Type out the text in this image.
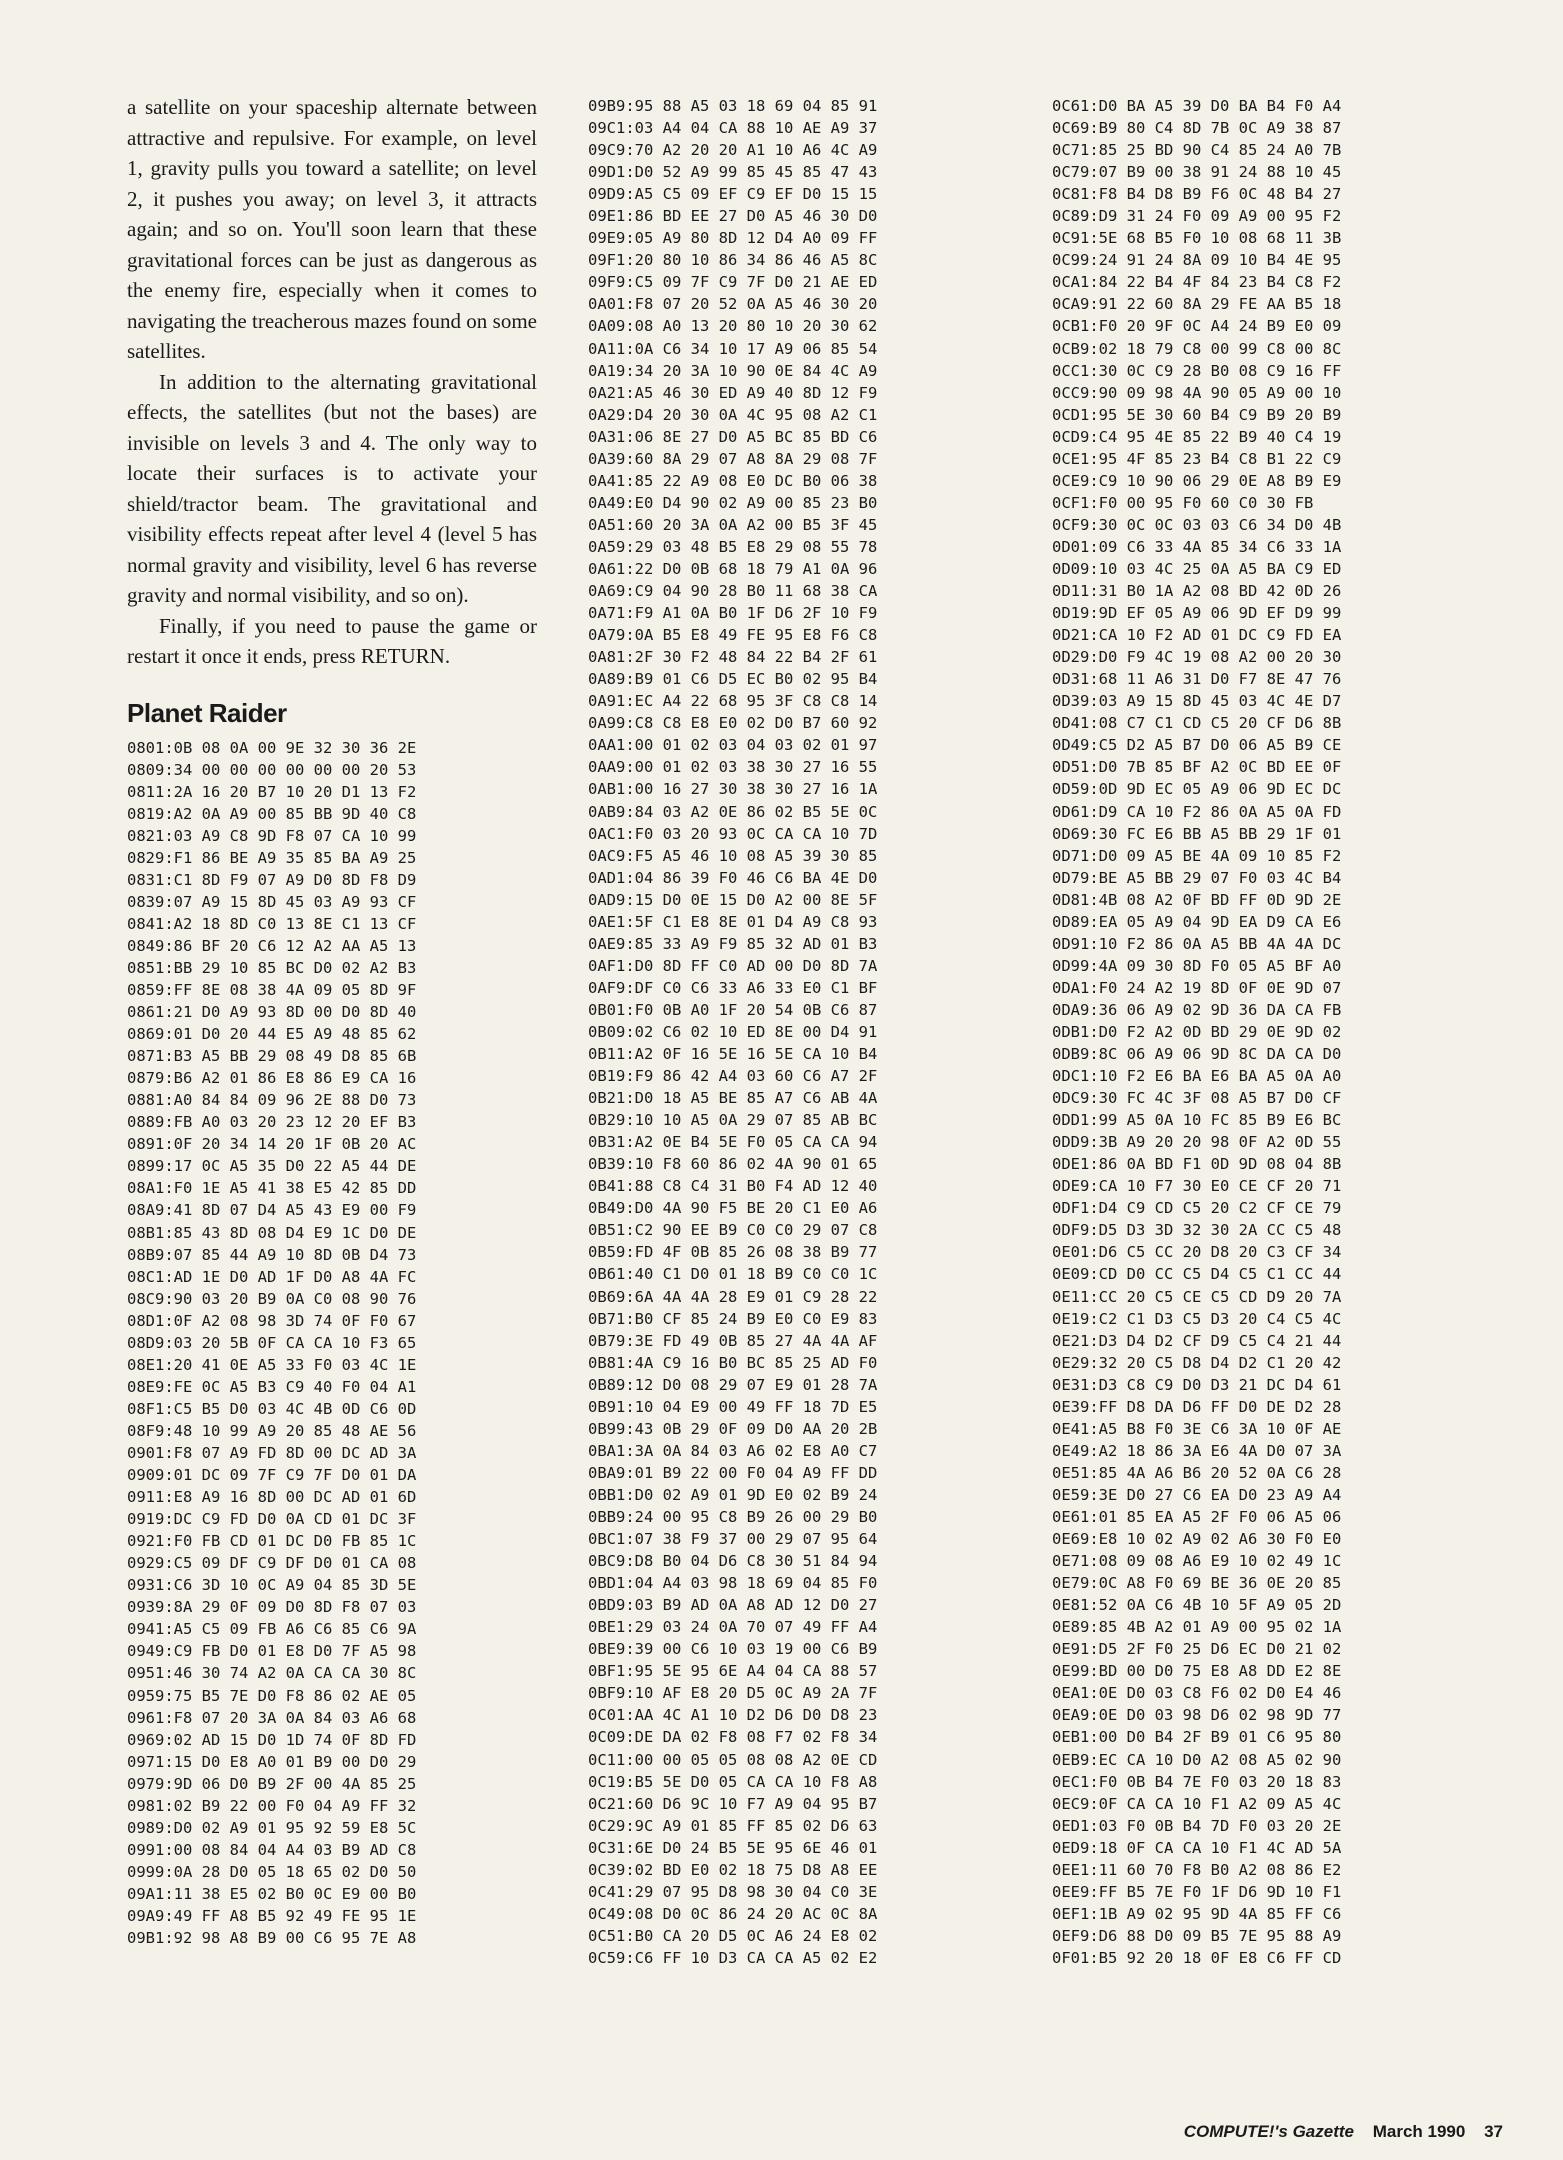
a satellite on your spaceship alternate between attractive and repulsive. For example, on level 1, gravity pulls you toward a satellite; on level 2, it pushes you away; on level 3, it attracts again; and so on. You'll soon learn that these gravitational forces can be just as dangerous as the enemy fire, especially when it comes to navigating the treacherous mazes found on some satellites.

In addition to the alternating gravitational effects, the satellites (but not the bases) are invisible on levels 3 and 4. The only way to locate their surfaces is to activate your shield/tractor beam. The gravitational and visibility effects repeat after level 4 (level 5 has normal gravity and visibility, level 6 has reverse gravity and normal visibility, and so on).

Finally, if you need to pause the game or restart it once it ends, press RETURN.

Planet Raider
0801:0B 08 0A 00 9E 32 30 36 2E
0809:34 00 00 00 00 00 00 20 53
0811:2A 16 20 B7 10 20 D1 13 F2
0819:A2 0A A9 00 85 BB 9D 40 C8
0821:03 A9 C8 9D F8 07 CA 10 99
0829:F1 86 BE A9 35 85 BA A9 25
0831:C1 8D F9 07 A9 D0 8D F8 D9
0839:07 A9 15 8D 45 03 A9 93 CF
0841:A2 18 8D C0 13 8E C1 13 CF
0849:86 BF 20 C6 12 A2 AA A5 13
0851:BB 29 10 85 BC D0 02 A2 B3
0859:FF 8E 08 38 4A 09 05 8D 9F
0861:21 D0 A9 93 8D 00 D0 8D 40
0869:01 D0 20 44 E5 A9 48 85 62
0871:B3 A5 BB 29 08 49 D8 85 6B
0879:B6 A2 01 86 E8 86 E9 CA 16
0881:A0 84 84 09 96 2E 88 D0 73
0889:FB A0 03 20 23 12 20 EF B3
0891:0F 20 34 14 20 1F 0B 20 AC
0899:17 0C A5 35 D0 22 A5 44 DE
08A1:F0 1E A5 41 38 E5 42 85 DD
08A9:41 8D 07 D4 A5 43 E9 00 F9
08B1:85 43 8D 08 D4 E9 1C D0 DE
08B9:07 85 44 A9 10 8D 0B D4 73
08C1:AD 1E D0 AD 1F D0 A8 4A FC
08C9:90 03 20 B9 0A C0 08 90 76
08D1:0F A2 08 98 3D 74 0F F0 67
08D9:03 20 5B 0F CA CA 10 F3 65
08E1:20 41 0E A5 33 F0 03 4C 1E
08E9:FE 0C A5 B3 C9 40 F0 04 A1
08F1:C5 B5 D0 03 4C 4B 0D C6 0D
08F9:48 10 99 A9 20 85 48 AE 56
0901:F8 07 A9 FD 8D 00 DC AD 3A
0909:01 DC 09 7F C9 7F D0 01 DA
0911:E8 A9 16 8D 00 DC AD 01 6D
0919:DC C9 FD D0 0A CD 01 DC 3F
0921:F0 FB CD 01 DC D0 FB 85 1C
0929:C5 09 DF C9 DF D0 01 CA 08
0931:C6 3D 10 0C A9 04 85 3D 5E
0939:8A 29 0F 09 D0 8D F8 07 03
0941:A5 C5 09 FB A6 C6 85 C6 9A
0949:C9 FB D0 01 E8 D0 7F A5 98
0951:46 30 74 A2 0A CA CA 30 8C
0959:75 B5 7E D0 F8 86 02 AE 05
0961:F8 07 20 3A 0A 84 03 A6 68
0969:02 AD 15 D0 1D 74 0F 8D FD
0971:15 D0 E8 A0 01 B9 00 D0 29
0979:9D 06 D0 B9 2F 00 4A 85 25
0981:02 B9 22 00 F0 04 A9 FF 32
0989:D0 02 A9 01 95 92 59 E8 5C
0991:00 08 84 04 A4 03 B9 AD C8
0999:0A 28 D0 05 18 65 02 D0 50
09A1:11 38 E5 02 B0 0C E9 00 B0
09A9:49 FF A8 B5 92 49 FE 95 1E
09B1:92 98 A8 B9 00 C6 95 7E A8
09B9:95 88 A5 03 18 69 04 85 91
09C1:03 A4 04 CA 88 10 AE A9 37
09C9:70 A2 20 20 A1 10 A6 4C A9
09D1:D0 52 A9 99 85 45 85 47 43
09D9:A5 C5 09 EF C9 EF D0 15 15
09E1:86 BD EE 27 D0 A5 46 30 D0
09E9:05 A9 80 8D 12 D4 A0 09 FF
09F1:20 80 10 86 34 86 46 A5 8C
09F9:C5 09 7F C9 7F D0 21 AE ED
0A01:F8 07 20 52 0A A5 46 30 20
0A09:08 A0 13 20 80 10 20 30 62
0A11:0A C6 34 10 17 A9 06 85 54
0A19:34 20 3A 10 90 0E 84 4C A9
0A21:A5 46 30 ED A9 40 8D 12 F9
0A29:D4 20 30 0A 4C 95 08 A2 C1
0A31:06 8E 27 D0 A5 BC 85 BD C6
0A39:60 8A 29 07 A8 8A 29 08 7F
0A41:85 22 A9 08 E0 DC B0 06 38
0A49:E0 D4 90 02 A9 00 85 23 B0
0A51:60 20 3A 0A A2 00 B5 3F 45
0A59:29 03 48 B5 E8 29 08 55 78
0A61:22 D0 0B 68 18 79 A1 0A 96
0A69:C9 04 90 28 B0 11 68 38 CA
0A71:F9 A1 0A B0 1F D6 2F 10 F9
0A79:0A B5 E8 49 FE 95 E8 F6 C8
0A81:2F 30 F2 48 84 22 B4 2F 61
0A89:B9 01 C6 D5 EC B0 02 95 B4
0A91:EC A4 22 68 95 3F C8 C8 14
0A99:C8 C8 E8 E0 02 D0 B7 60 92
0AA1:00 01 02 03 04 03 02 01 97
0AA9:00 01 02 03 38 30 27 16 55
0AB1:00 16 27 30 38 30 27 16 1A
0AB9:84 03 A2 0E 86 02 B5 5E 0C
0AC1:F0 03 20 93 0C CA CA 10 7D
0AC9:F5 A5 46 10 08 A5 39 30 85
0AD1:04 86 39 F0 46 C6 BA 4E D0
0AD9:15 D0 0E 15 D0 A2 00 8E 5F
0AE1:5F C1 E8 8E 01 D4 A9 C8 93
0AE9:85 33 A9 F9 85 32 AD 01 B3
0AF1:D0 8D FF C0 AD 00 D0 8D 7A
0AF9:DF C0 C6 33 A6 33 E0 C1 BF
0B01:F0 0B A0 1F 20 54 0B C6 87
0B09:02 C6 02 10 ED 8E 00 D4 91
0B11:A2 0F 16 5E 16 5E CA 10 B4
0B19:F9 86 42 A4 03 60 C6 A7 2F
0B21:D0 18 A5 BE 85 A7 C6 AB 4A
0B29:10 10 A5 0A 29 07 85 AB BC
0B31:A2 0E B4 5E F0 05 CA CA 94
0B39:10 F8 60 86 02 4A 90 01 65
0B41:88 C8 C4 31 B0 F4 AD 12 40
0B49:D0 4A 90 F5 BE 20 C1 E0 A6
0B51:C2 90 EE B9 C0 C0 29 07 C8
0B59:FD 4F 0B 85 26 08 38 B9 77
0B61:40 C1 D0 01 18 B9 C0 C0 1C
0B69:6A 4A 4A 28 E9 01 C9 28 22
0B71:B0 CF 85 24 B9 E0 C0 E9 83
0B79:3E FD 49 0B 85 27 4A 4A AF
0B81:4A C9 16 B0 BC 85 25 AD F0
0B89:12 D0 08 29 07 E9 01 28 7A
0B91:10 04 E9 00 49 FF 18 7D E5
0B99:43 0B 29 0F 09 D0 AA 20 2B
0BA1:3A 0A 84 03 A6 02 E8 A0 C7
0BA9:01 B9 22 00 F0 04 A9 FF DD
0BB1:D0 02 A9 01 9D E0 02 B9 24
0BB9:24 00 95 C8 B9 26 00 29 B0
0BC1:07 38 F9 37 00 29 07 95 64
0BC9:D8 B0 04 D6 C8 30 51 84 94
0BD1:04 A4 03 98 18 69 04 85 F0
0BD9:03 B9 AD 0A A8 AD 12 D0 27
0BE1:29 03 24 0A 70 07 49 FF A4
0BE9:39 00 C6 10 03 19 00 C6 B9
0BF1:95 5E 95 6E A4 04 CA 88 57
0BF9:10 AF E8 20 D5 0C A9 2A 7F
0C01:AA 4C A1 10 D2 D6 D0 D8 23
0C09:DE DA 02 F8 08 F7 02 F8 34
0C11:00 00 05 05 08 08 A2 0E CD
0C19:B5 5E D0 05 CA CA 10 F8 A8
0C21:60 D6 9C 10 F7 A9 04 95 B7
0C29:9C A9 01 85 FF 85 02 D6 63
0C31:6E D0 24 B5 5E 95 6E 46 01
0C39:02 BD E0 02 18 75 D8 A8 EE
0C41:29 07 95 D8 98 30 04 C0 3E
0C49:08 D0 0C 86 24 20 AC 0C 8A
0C51:B0 CA 20 D5 0C A6 24 E8 02
0C59:C6 FF 10 D3 CA CA A5 02 E2
0C61:D0 BA A5 39 D0 BA B4 F0 A4
0C69:B9 80 C4 8D 7B 0C A9 38 87
0C71:85 25 BD 90 C4 85 24 A0 7B
0C79:07 B9 00 38 91 24 88 10 45
0C81:F8 B4 D8 B9 F6 0C 48 B4 27
0C89:D9 31 24 F0 09 A9 00 95 F2
0C91:5E 68 B5 F0 10 08 68 11 3B
0C99:24 91 24 8A 09 10 B4 4E 95
0CA1:84 22 B4 4F 84 23 B4 C8 F2
0CA9:91 22 60 8A 29 FE AA B5 18
0CB1:F0 20 9F 0C A4 24 B9 E0 09
0CB9:02 18 79 C8 00 99 C8 00 8C
0CC1:30 0C C9 28 B0 08 C9 16 FF
0CC9:90 09 98 4A 90 05 A9 00 10
0CD1:95 5E 30 60 B4 C9 B9 20 B9
0CD9:C4 95 4E 85 22 B9 40 C4 19
0CE1:95 4F 85 23 B4 C8 B1 22 C9
0CE9:C9 10 90 06 29 0E A8 B9 E9
0CF1:F0 00 95 F0 60 C0 30 FB
0CF9:30 0C 0C 03 03 C6 34 D0 4B
0D01:09 C6 33 4A 85 34 C6 33 1A
0D09:10 03 4C 25 0A A5 BA C9 ED
0D11:31 B0 1A A2 08 BD 42 0D 26
0D19:9D EF 05 A9 06 9D EF D9 99
0D21:CA 10 F2 AD 01 DC C9 FD EA
0D29:D0 F9 4C 19 08 A2 00 20 30
0D31:68 11 A6 31 D0 F7 8E 47 76
0D39:03 A9 15 8D 45 03 4C 4E D7
0D41:08 C7 C1 CD C5 20 CF D6 8B
0D49:C5 D2 A5 B7 D0 06 A5 B9 CE
0D51:D0 7B 85 BF A2 0C BD EE 0F
0D59:0D 9D EC 05 A9 06 9D EC DC
0D61:D9 CA 10 F2 86 0A A5 0A FD
0D69:30 FC E6 BB A5 BB 29 1F 01
0D71:D0 09 A5 BE 4A 09 10 85 F2
0D79:BE A5 BB 29 07 F0 03 4C B4
0D81:4B 08 A2 0F BD FF 0D 9D 2E
0D89:EA 05 A9 04 9D EA D9 CA E6
0D91:10 F2 86 0A A5 BB 4A 4A DC
0D99:4A 09 30 8D F0 05 A5 BF A0
0DA1:F0 24 A2 19 8D 0F 0E 9D 07
0DA9:36 06 A9 02 9D 36 DA CA FB
0DB1:D0 F2 A2 0D BD 29 0E 9D 02
0DB9:8C 06 A9 06 9D 8C DA CA D0
0DC1:10 F2 E6 BA E6 BA A5 0A A0
0DC9:30 FC 4C 3F 08 A5 B7 D0 CF
0DD1:99 A5 0A 10 FC 85 B9 E6 BC
0DD9:3B A9 20 20 98 0F A2 0D 55
0DE1:86 0A BD F1 0D 9D 08 04 8B
0DE9:CA 10 F7 30 E0 CE CF 20 71
0DF1:D4 C9 CD C5 20 C2 CF CE 79
0DF9:D5 D3 3D 32 30 2A CC C5 48
0E01:D6 C5 CC 20 D8 20 C3 CF 34
0E09:CD D0 CC C5 D4 C5 C1 CC 44
0E11:CC 20 C5 CE C5 CD D9 20 7A
0E19:C2 C1 D3 C5 D3 20 C4 C5 4C
0E21:D3 D4 D2 CF D9 C5 C4 21 44
0E29:32 20 C5 D8 D4 D2 C1 20 42
0E31:D3 C8 C9 D0 D3 21 DC D4 61
0E39:FF D8 DA D6 FF D0 DE D2 28
0E41:A5 B8 F0 3E C6 3A 10 0F AE
0E49:A2 18 86 3A E6 4A D0 07 3A
0E51:85 4A A6 B6 20 52 0A C6 28
0E59:3E D0 27 C6 EA D0 23 A9 A4
0E61:01 85 EA A5 2F F0 06 A5 06
0E69:E8 10 02 A9 02 A6 30 F0 E0
0E71:08 09 08 A6 E9 10 02 49 1C
0E79:0C A8 F0 69 BE 36 0E 20 85
0E81:52 0A C6 4B 10 5F A9 05 2D
0E89:85 4B A2 01 A9 00 95 02 1A
0E91:D5 2F F0 25 D6 EC D0 21 02
0E99:BD 00 D0 75 E8 A8 DD E2 8E
0EA1:0E D0 03 C8 F6 02 D0 E4 46
0EA9:0E D0 03 98 D6 02 98 9D 77
0EB1:00 D0 B4 2F B9 01 C6 95 80
0EB9:EC CA 10 D0 A2 08 A5 02 90
0EC1:F0 0B B4 7E F0 03 20 18 83
0EC9:0F CA CA 10 F1 A2 09 A5 4C
0ED1:03 F0 0B B4 7D F0 03 20 2E
0ED9:18 0F CA CA 10 F1 4C AD 5A
0EE1:11 60 70 F8 B0 A2 08 86 E2
0EE9:FF B5 7E F0 1F D6 9D 10 F1
0EF1:1B A9 02 95 9D 4A 85 FF C6
0EF9:D6 88 D0 09 B5 7E 95 88 A9
0F01:B5 92 20 18 0F E8 C6 FF CD
COMPUTE!'s Gazette March 1990 37
